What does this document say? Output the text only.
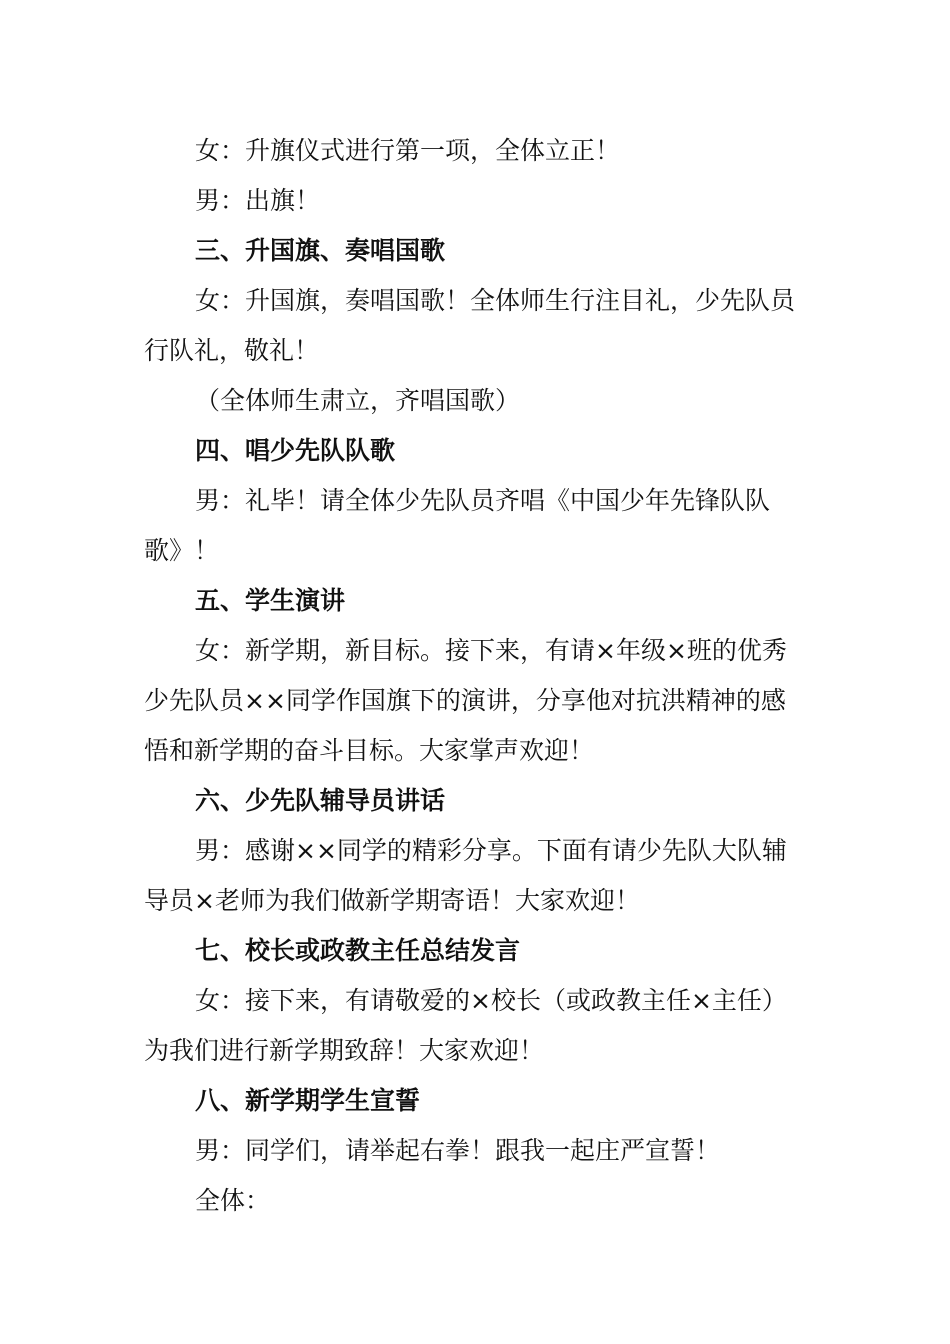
女：升旗仪式进行第一项，全体立正！

男：出旗！

三、升国旗、奏唱国歌

女：升国旗，奏唱国歌！全体师生行注目礼，少先队员行队礼，敬礼！

（全体师生肃立，齐唱国歌）

四、唱少先队队歌

男：礼毕！请全体少先队员齐唱《中国少年先锋队队歌》！

五、学生演讲

女：新学期，新目标。接下来，有请×年级×班的优秀少先队员××同学作国旗下的演讲，分享他对抗洪精神的感悟和新学期的奋斗目标。大家掌声欢迎！

六、少先队辅导员讲话

男：感谢××同学的精彩分享。下面有请少先队大队辅导员×老师为我们做新学期寄语！大家欢迎！

七、校长或政教主任总结发言

女：接下来，有请敬爱的×校长（或政教主任×主任）为我们进行新学期致辞！大家欢迎！

八、新学期学生宣誓

男：同学们，请举起右拳！跟我一起庄严宣誓！

全体：
